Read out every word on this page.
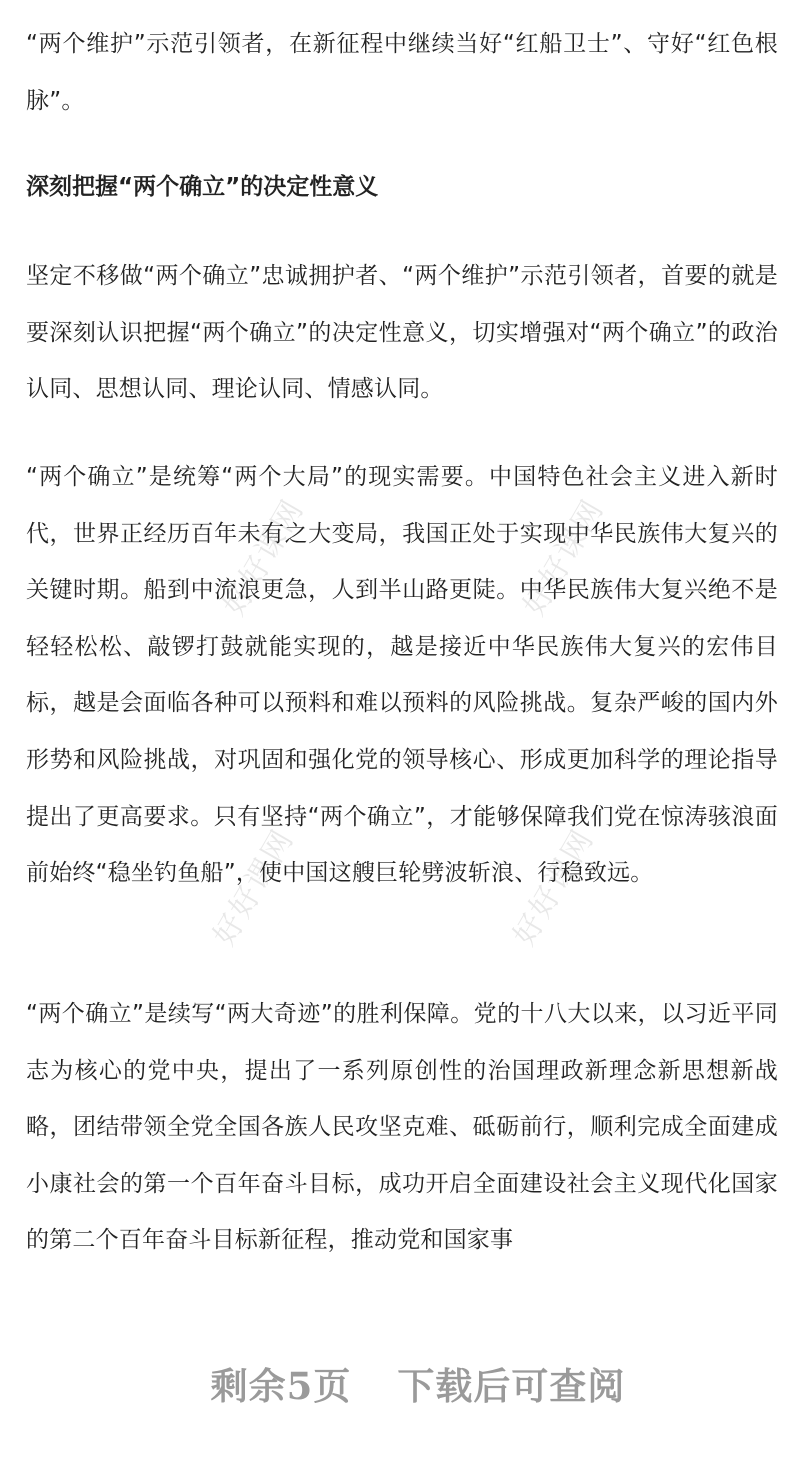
好好课网	好好课网
好好课网	好好课网

“两个维护”示范引领者，在新征程中继续当好“红船卫士”、守好“红色根脉”。

深刻把握“两个确立”的决定性意义

坚定不移做“两个确立”忠诚拥护者、“两个维护”示范引领者，首要的就是要深刻认识把握“两个确立”的决定性意义，切实增强对“两个确立”的政治认同、思想认同、理论认同、情感认同。

“两个确立”是统筹“两个大局”的现实需要。中国特色社会主义进入新时代，世界正经历百年未有之大变局，我国正处于实现中华民族伟大复兴的关键时期。船到中流浪更急，人到半山路更陡。中华民族伟大复兴绝不是轻轻松松、敲锣打鼓就能实现的，越是接近中华民族伟大复兴的宏伟目标，越是会面临各种可以预料和难以预料的风险挑战。复杂严峻的国内外形势和风险挑战，对巩固和强化党的领导核心、形成更加科学的理论指导提出了更高要求。只有坚持“两个确立”，才能够保障我们党在惊涛骇浪面前始终“稳坐钓鱼船”，使中国这艘巨轮劈波斩浪、行稳致远。

“两个确立”是续写“两大奇迹”的胜利保障。党的十八大以来，以习近平同志为核心的党中央，提出了一系列原创性的治国理政新理念新思想新战略，团结带领全党全国各族人民攻坚克难、砥砺前行，顺利完成全面建成小康社会的第一个百年奋斗目标，成功开启全面建设社会主义现代化国家的第二个百年奋斗目标新征程，推动党和国家事

剩余5页 下载后可查阅
